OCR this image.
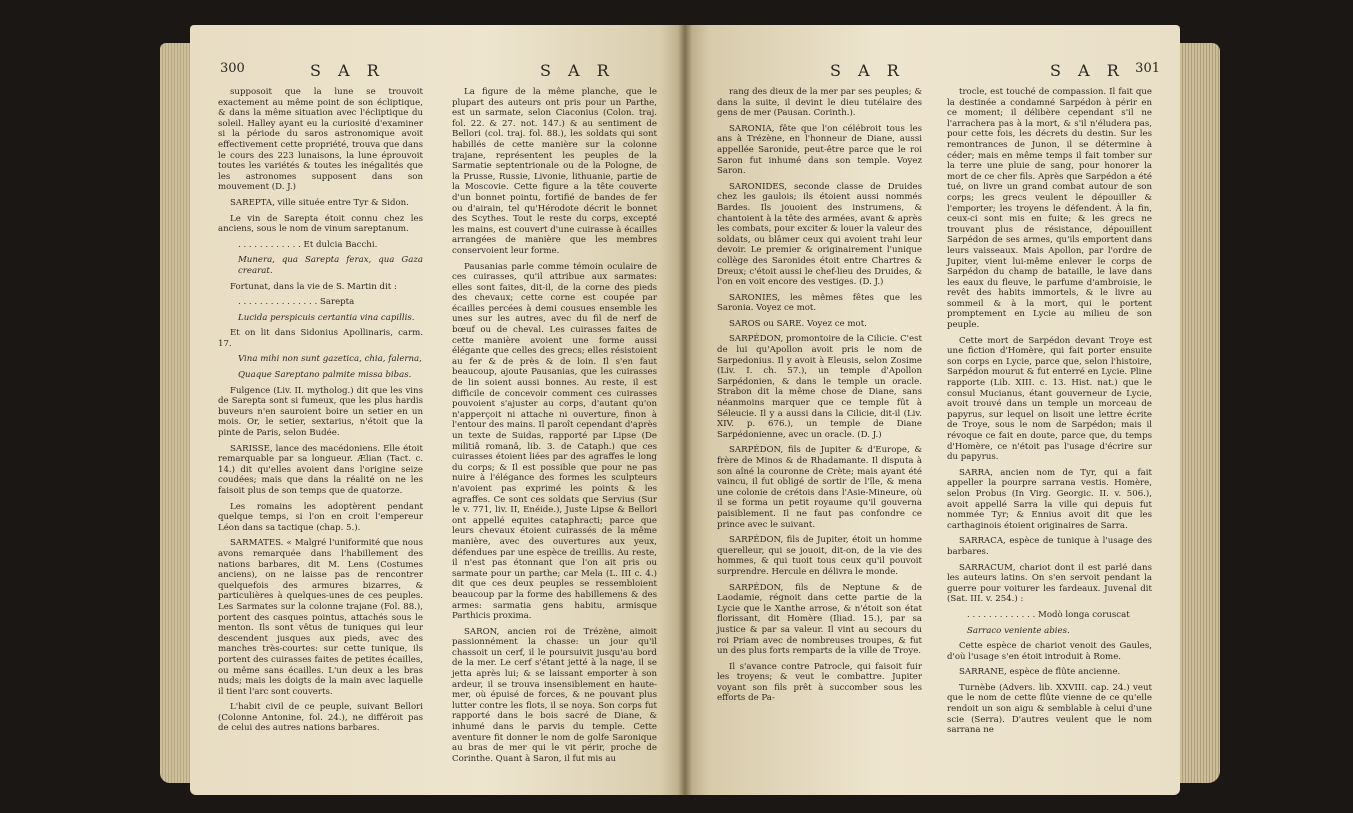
300	S A R	S A R

supposoit que la lune se trouvoit exactement au même point de son écliptique, & dans la même situation avec l'écliptique du soleil. Halley ayant eu la curiosité d'examiner si la période du saros astronomique avoit effectivement cette propriété, trouva que dans le cours des 223 lunaisons, la lune éprouvoit toutes les variétés & toutes les inégalités que les astronomes supposent dans son mouvement (D. J.)

SAREPTA, ville située entre Tyr & Sidon.

Le vin de Sarepta étoit connu chez les anciens, sous le nom de vinum sareptanum.

. . . . . . . . . . . . Et dulcia Bacchi.

Munera, qua Sarepta ferax, qua Gaza crearat.

Fortunat, dans la vie de S. Martin dit :

. . . . . . . . . . . . . . . Sarepta

Lucida perspicuis certantia vina capillis.

Et on lit dans Sidonius Apollinaris, carm. 17.

Vina mihi non sunt gazetica, chia, falerna,

Quaque Sareptano palmite missa bibas.

Fulgence (Liv. II. mytholog.) dit que les vins de Sarepta sont si fumeux, que les plus hardis buveurs n'en sauroient boire un setier en un mois. Or, le setier, sextarius, n'étoit que la pinte de Paris, selon Budée.

SARISSE, lance des macédoniens. Elle étoit remarquable par sa longueur. Ælian (Tact. c. 14.) dit qu'elles avoient dans l'origine seize coudées; mais que dans la réalité on ne les faisoit plus de son temps que de quatorze.

Les romains les adoptèrent pendant quelque temps, si l'on en croit l'empereur Léon dans sa tactique (chap. 5.).

SARMATES. « Malgré l'uniformité que nous avons remarquée dans l'habillement des nations barbares, dit M. Lens (Costumes anciens), on ne laisse pas de rencontrer quelquefois des armures bizarres, & particulières à quelques-unes de ces peuples. Les Sarmates sur la colonne trajane (Fol. 88.), portent des casques pointus, attachés sous le menton. Ils sont vêtus de tuniques qui leur descendent jusques aux pieds, avec des manches très-courtes: sur cette tunique, ils portent des cuirasses faites de petites écailles, ou même sans écailles. L'un deux a les bras nuds; mais les doigts de la main avec laquelle il tient l'arc sont couverts.

L'habit civil de ce peuple, suivant Bellori (Colonne Antonine, fol. 24.), ne différoit pas de celui des autres nations barbares.

La figure de la même planche, que le plupart des auteurs ont pris pour un Parthe, est un sarmate, selon Ciaconius (Colon. traj. fol. 22. & 27. not. 147.) & au sentiment de Bellori (col. traj. fol. 88.), les soldats qui sont habillés de cette manière sur la colonne trajane, représentent les peuples de la Sarmatie septentrionale ou de la Pologne, de la Prusse, Russie, Livonie, lithuanie, partie de la Moscovie. Cette figure a la tête couverte d'un bonnet pointu, fortifié de bandes de fer ou d'airain, tel qu'Hérodote décrit le bonnet des Scythes. Tout le reste du corps, excepté les mains, est couvert d'une cuirasse à écailles arrangées de manière que les membres conservoient leur forme.

Pausanias parle comme témoin oculaire de ces cuirasses, qu'il attribue aux sarmates: elles sont faites, dit-il, de la corne des pieds des chevaux; cette corne est coupée par écailles percées à demi cousues ensemble les unes sur les autres, avec du fil de nerf de bœuf ou de cheval. Les cuirasses faites de cette manière avoient une forme aussi élégante que celles des grecs; elles résistoient au fer & de près & de loin. Il s'en faut beaucoup, ajoute Pausanias, que les cuirasses de lin soient aussi bonnes. Au reste, il est difficile de concevoir comment ces cuirasses pouvoient s'ajuster au corps, d'autant qu'on n'apperçoit ni attache ni ouverture, finon à l'entour des mains. Il paroît cependant d'après un texte de Suidas, rapporté par Lipse (De militiâ romanâ, lib. 3. de Cataph.) que ces cuirasses étoient liées par des agraffes le long du corps; & Il est possible que pour ne pas nuire à l'élégance des formes les sculpteurs n'avoient pas exprimé les points & les agraffes. Ce sont ces soldats que Servius (Sur le v. 771, liv. II, Enéide.), Juste Lipse & Bellori ont appellé equites cataphracti; parce que leurs chevaux étoient cuirassés de la même manière, avec des ouvertures aux yeux, défendues par une espèce de treillis. Au reste, il n'est pas étonnant que l'on ait pris ou sarmate pour un parthe; car Mela (L. III c. 4.) dit que ces deux peuples se ressembloient beaucoup par la forme des habillemens & des armes: sarmatia gens habitu, armisque Parthicis proxima.

SARON, ancien roi de Trézène, aimoit passionnément la chasse: un jour qu'il chassoit un cerf, il le poursuivit jusqu'au bord de la mer. Le cerf s'étant jetté à la nage, il se jetta après lui; & se laissant emporter à son ardeur, il se trouva insensiblement en haute-mer, où épuisé de forces, & ne pouvant plus lutter contre les flots, il se noya. Son corps fut rapporté dans le bois sacré de Diane, & inhumé dans le parvis du temple. Cette aventure fit donner le nom de golfe Saronique au bras de mer qui le vit périr, proche de Corinthe. Quant à Saron, il fut mis au

S A R	S A R 301

rang des dieux de la mer par ses peuples; & dans la suite, il devint le dieu tutélaire des gens de mer (Pausan. Corinth.).

SARONIA, fête que l'on célébroit tous les ans à Trézène, en l'honneur de Diane, aussi appellée Saronide, peut-être parce que le roi Saron fut inhumé dans son temple. Voyez Saron.

SARONIDES, seconde classe de Druides chez les gaulois; ils étoient aussi nommés Bardes. Ils jouoient des instrumens, & chantoient à la tête des armées, avant & après les combats, pour exciter & louer la valeur des soldats, ou blâmer ceux qui avoient trahi leur devoir. Le premier & originairement l'unique collège des Saronides étoit entre Chartres & Dreux; c'étoit aussi le chef-lieu des Druides, & l'on en voit encore des vestiges. (D. J.)

SARONIES, les mêmes fêtes que les Saronia. Voyez ce mot.

SAROS ou SARE. Voyez ce mot.

SARPÉDON, promontoire de la Cilicie. C'est de lui qu'Apollon avoit pris le nom de Sarpedonius. Il y avoit à Eleusis, selon Zosime (Liv. I. ch. 57.), un temple d'Apollon Sarpédonien, & dans le temple un oracle. Strabon dit la même chose de Diane, sans néanmoins marquer que ce temple fût à Séleucie. Il y a aussi dans la Cilicie, dit-il (Liv. XIV. p. 676.), un temple de Diane Sarpédonienne, avec un oracle. (D. J.)

SARPÉDON, fils de Jupiter & d'Europe, & frère de Minos & de Rhadamante. Il disputa à son aîné la couronne de Crète; mais ayant été vaincu, il fut obligé de sortir de l'île, & mena une colonie de crétois dans l'Asie-Mineure, où il se forma un petit royaume qu'il gouverna paisiblement. Il ne faut pas confondre ce prince avec le suivant.

SARPÉDON, fils de Jupiter, étoit un homme querelleur, qui se jouoit, dit-on, de la vie des hommes, & qui tuoit tous ceux qu'il pouvoit surprendre. Hercule en délivra le monde.

SARPÉDON, fils de Neptune & de Laodamie, régnoit dans cette partie de la Lycie que le Xanthe arrose, & n'étoit son état florissant, dit Homère (Iliad. 15.), par sa justice & par sa valeur. Il vint au secours du roi Priam avec de nombreuses troupes, & fut un des plus forts remparts de la ville de Troye.

Il s'avance contre Patrocle, qui faisoit fuir les troyens; & veut le combattre. Jupiter voyant son fils prêt à succomber sous les efforts de Pa-

trocle, est touché de compassion. Il fait que la destinée a condamné Sarpédon à périr en ce moment; il délibère cependant s'il ne l'arrachera pas à la mort, & s'il n'éludera pas, pour cette fois, les décrets du destin. Sur les remontrances de Junon, il se détermine à céder; mais en même temps il fait tomber sur la terre une pluie de sang, pour honorer la mort de ce cher fils. Après que Sarpédon a été tué, on livre un grand combat autour de son corps; les grecs veulent le dépouiller & l'emporter; les troyens le défendent. À la fin, ceux-ci sont mis en fuite; & les grecs ne trouvant plus de résistance, dépouillent Sarpédon de ses armes, qu'ils emportent dans leurs vaisseaux. Mais Apollon, par l'ordre de Jupiter, vient lui-même enlever le corps de Sarpédon du champ de bataille, le lave dans les eaux du fleuve, le parfume d'ambroisie, le revêt des habits immortels, & le livre au sommeil & à la mort, qui le portent promptement en Lycie au milieu de son peuple.

Cette mort de Sarpédon devant Troye est une fiction d'Homère, qui fait porter ensuite son corps en Lycie, parce que, selon l'histoire, Sarpédon mourut & fut enterré en Lycie. Pline rapporte (Lib. XIII. c. 13. Hist. nat.) que le consul Mucianus, étant gouverneur de Lycie, avoit trouvé dans un temple un morceau de papyrus, sur lequel on lisoit une lettre écrite de Troye, sous le nom de Sarpédon; mais il révoque ce fait en doute, parce que, du temps d'Homère, ce n'étoit pas l'usage d'écrire sur du papyrus.

SARRA, ancien nom de Tyr, qui a fait appeller la pourpre sarrana vestis. Homère, selon Probus (In Virg. Georgic. II. v. 506.), avoit appellé Sarra la ville qui depuis fut nommée Tyr; & Ennius avoit dit que les carthaginois étoient originaires de Sarra.

SARRACA, espèce de tunique à l'usage des barbares.

SARRACUM, chariot dont il est parlé dans les auteurs latins. On s'en servoit pendant la guerre pour voiturer les fardeaux. Juvenal dit (Sat. III. v. 254.) :

. . . . . . . . . . . . . Modò longa coruscat

Sarraco veniente abies.

Cette espèce de chariot venoit des Gaules, d'où l'usage s'en étoit introduit à Rome.

SARRANE, espèce de flûte ancienne.

Turnèbe (Advers. lib. XXVIII. cap. 24.) veut que le nom de cette flûte vienne de ce qu'elle rendoit un son aigu & semblable à celui d'une scie (Serra). D'autres veulent que le nom sarrana ne
